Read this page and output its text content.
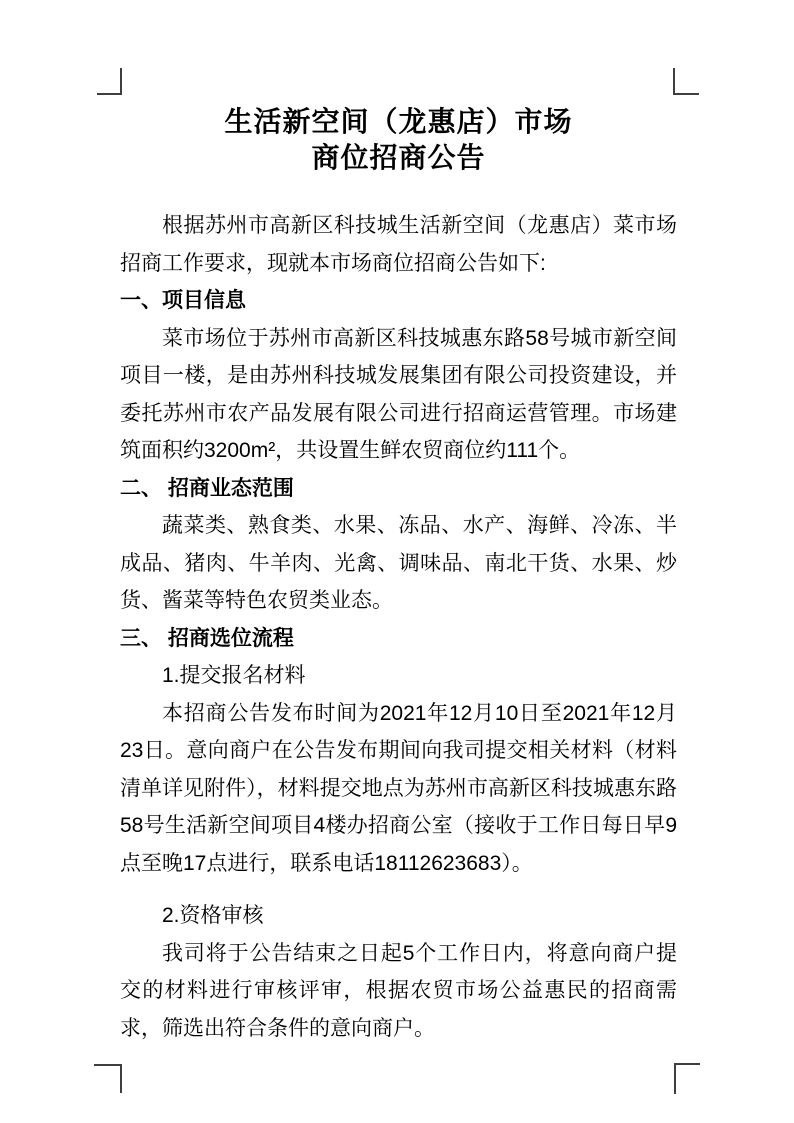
生活新空间（龙惠店）市场
商位招商公告

根据苏州市高新区科技城生活新空间（龙惠店）菜市场招商工作要求，现就本市场商位招商公告如下:

一、项目信息

菜市场位于苏州市高新区科技城惠东路58号城市新空间项目一楼，是由苏州科技城发展集团有限公司投资建设，并委托苏州市农产品发展有限公司进行招商运营管理。市场建筑面积约3200m²，共设置生鲜农贸商位约111个。

二、 招商业态范围

蔬菜类、熟食类、水果、冻品、水产、海鲜、冷冻、半成品、猪肉、牛羊肉、光禽、调味品、南北干货、水果、炒货、酱菜等特色农贸类业态。

三、 招商选位流程

1.提交报名材料

本招商公告发布时间为2021年12月10日至2021年12月23日。意向商户在公告发布期间向我司提交相关材料（材料清单详见附件），材料提交地点为苏州市高新区科技城惠东路58号生活新空间项目4楼办招商公室（接收于工作日每日早9点至晚17点进行，联系电话18112623683）。

2.资格审核

我司将于公告结束之日起5个工作日内，将意向商户提交的材料进行审核评审，根据农贸市场公益惠民的招商需求，筛选出符合条件的意向商户。
